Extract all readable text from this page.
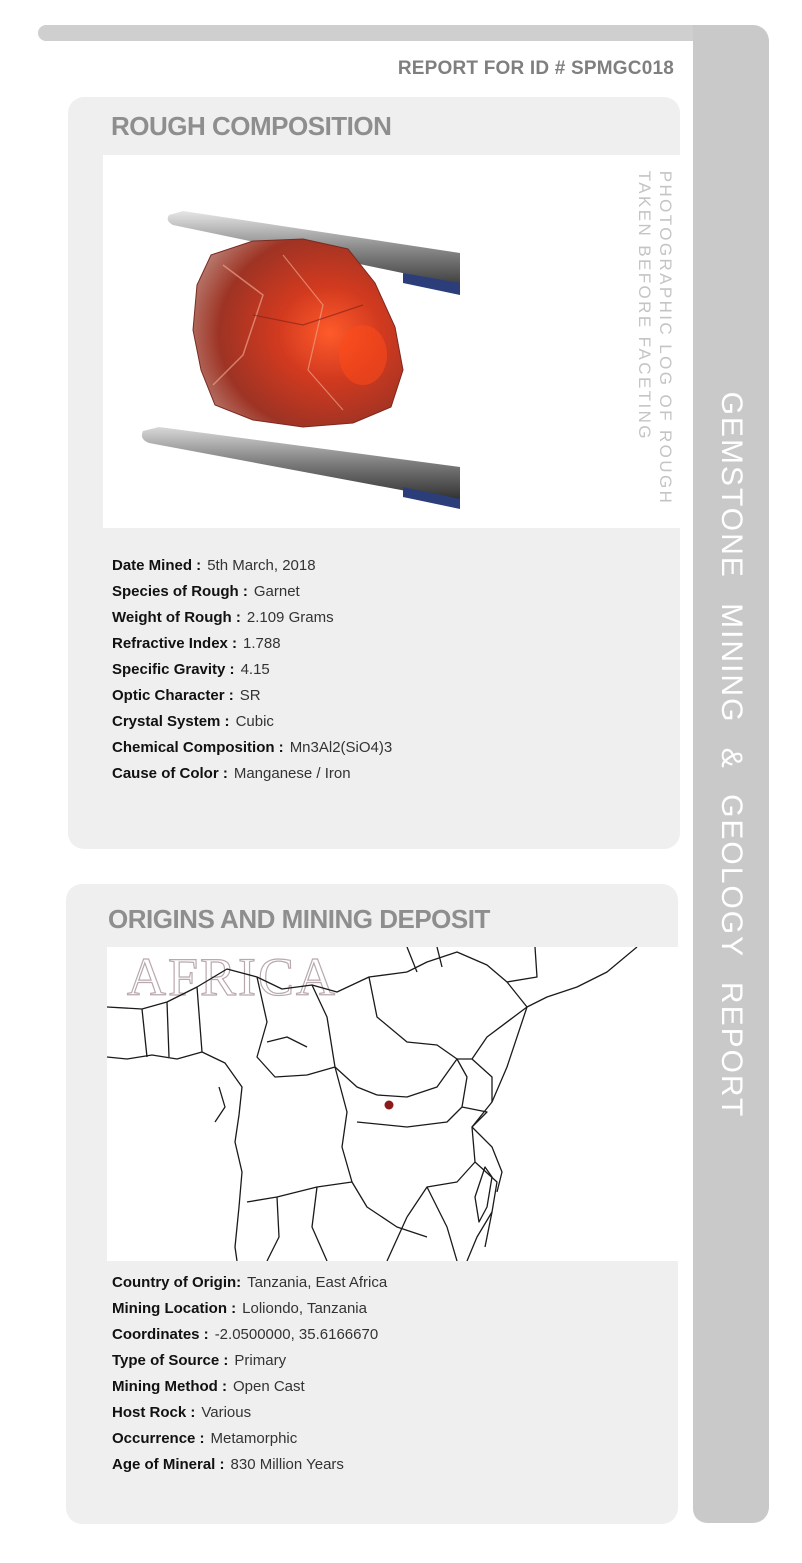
GEMSTONE MINING & GEOLOGY REPORT
REPORT FOR ID # SPMGC018
ROUGH COMPOSITION
PHOTOGRAPHIC LOG OF ROUGH
TAKEN BEFORE FACETING
Date Mined : 5th March, 2018
Species of Rough : Garnet
Weight of Rough : 2.109 Grams
Refractive Index : 1.788
Specific Gravity : 4.15
Optic Character : SR
Crystal System : Cubic
Chemical Composition : Mn3Al2(SiO4)3
Cause of Color : Manganese / Iron
ORIGINS AND MINING DEPOSIT
AFRICA
Country of Origin: Tanzania, East Africa
Mining Location : Loliondo, Tanzania
Coordinates : -2.0500000, 35.6166670
Type of Source : Primary
Mining Method : Open Cast
Host Rock : Various
Occurrence : Metamorphic
Age of Mineral : 830 Million Years
